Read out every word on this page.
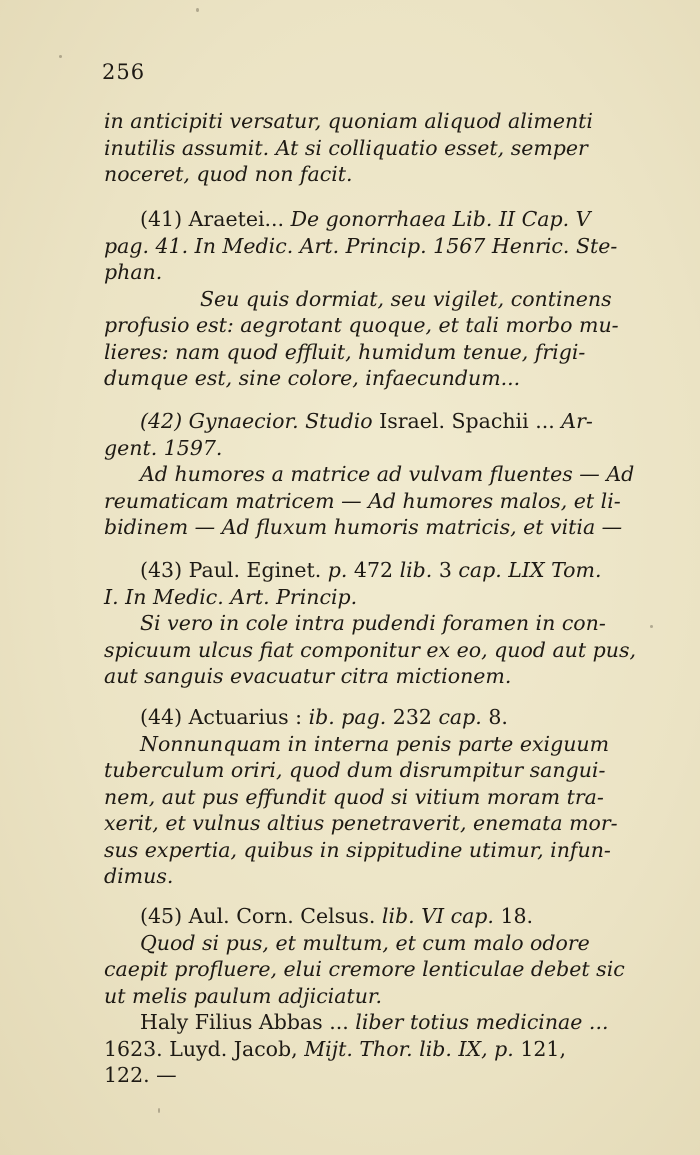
256

in anticipiti versatur, quoniam aliquod alimenti

inutilis assumit. At si colliquatio esset, semper

noceret, quod non facit.

(41) Araetei... De gonorrhaea Lib. II Cap. V

pag. 41. In Medic. Art. Princip. 1567 Henric. Ste-

phan.

Seu quis dormiat, seu vigilet, continens

profusio est: aegrotant quoque, et tali morbo mu-

lieres: nam quod effluit, humidum tenue, frigi-

dumque est, sine colore, infaecundum...

(42) Gynaecior. Studio Israel. Spachii ... Ar-

gent. 1597.

Ad humores a matrice ad vulvam fluentes — Ad

reumaticam matricem — Ad humores malos, et li-

bidinem — Ad fluxum humoris matricis, et vitia —

(43) Paul. Eginet. p. 472 lib. 3 cap. LIX Tom.

I. In Medic. Art. Princip.

Si vero in cole intra pudendi foramen in con-

spicuum ulcus fiat componitur ex eo, quod aut pus,

aut sanguis evacuatur citra mictionem.

(44) Actuarius : ib. pag. 232 cap. 8.

Nonnunquam in interna penis parte exiguum

tuberculum oriri, quod dum disrumpitur sangui-

nem, aut pus effundit quod si vitium moram tra-

xerit, et vulnus altius penetraverit, enemata mor-

sus expertia, quibus in sippitudine utimur, infun-

dimus.

(45) Aul. Corn. Celsus. lib. VI cap. 18.

Quod si pus, et multum, et cum malo odore

caepit profluere, elui cremore lenticulae debet sic

ut melis paulum adjiciatur.

Haly Filius Abbas ... liber totius medicinae ...

1623. Luyd. Jacob, Mijt. Thor. lib. IX, p. 121,

122. —
